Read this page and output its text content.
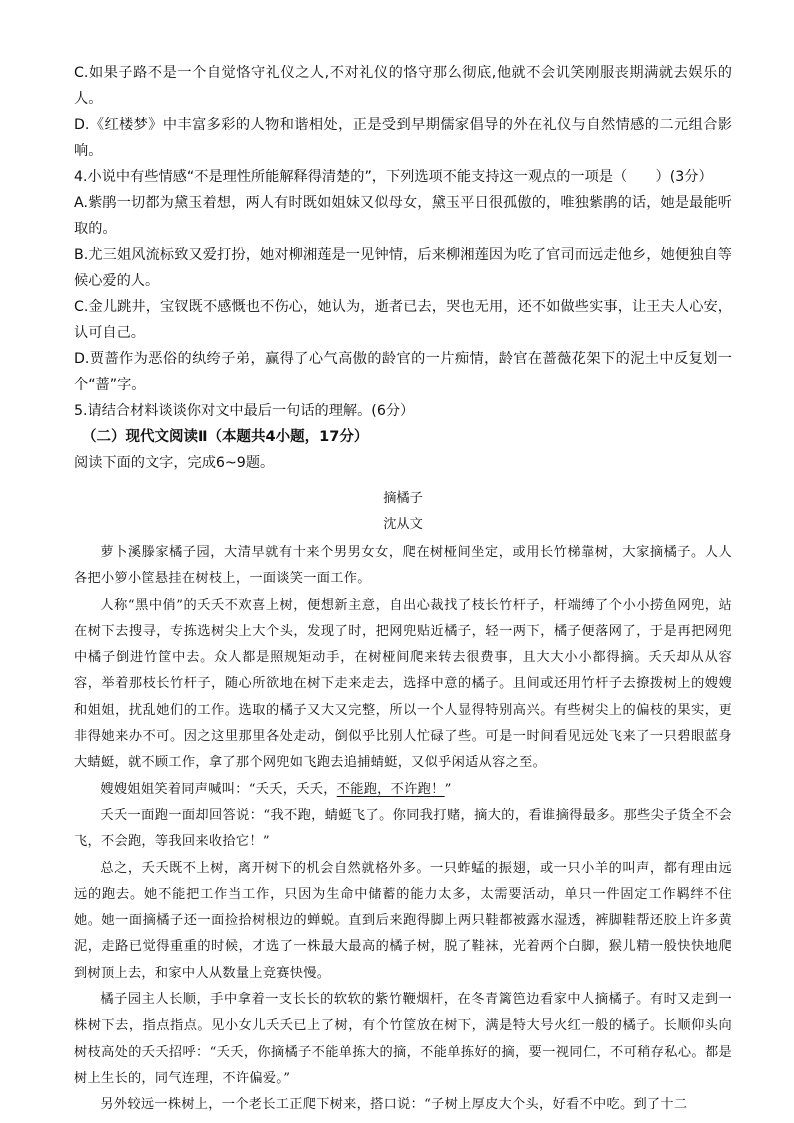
C.如果子路不是一个自觉恪守礼仪之人,不对礼仪的恪守那么彻底,他就不会讥笑刚服丧期满就去娱乐的人。

D.《红楼梦》中丰富多彩的人物和谐相处，正是受到早期儒家倡导的外在礼仪与自然情感的二元组合影响。

4.小说中有些情感“不是理性所能解释得清楚的”，下列选项不能支持这一观点的一项是（　　）(3分）

A.紫鹃一切都为黛玉着想，两人有时既如姐妹又似母女，黛玉平日很孤傲的，唯独紫鹃的话，她是最能听取的。

B.尤三姐风流标致又爱打扮，她对柳湘莲是一见钟情，后来柳湘莲因为吃了官司而远走他乡，她便独自等候心爱的人。

C.金儿跳井，宝钗既不感慨也不伤心，她认为，逝者已去，哭也无用，还不如做些实事，让王夫人心安，认可自己。

D.贾蔷作为恶俗的纨绔子弟，赢得了心气高傲的龄官的一片痴情，龄官在蔷薇花架下的泥土中反复划一个“蔷”字。

5.请结合材料谈谈你对文中最后一句话的理解。(6分）

（二）现代文阅读Ⅱ（本题共4小题，17分）

阅读下面的文字，完成6~9题。

摘橘子

沈从文

萝卜溪滕家橘子园，大清早就有十来个男男女女，爬在树桠间坐定，或用长竹梯靠树，大家摘橘子。人人各把小箩小筐悬挂在树枝上，一面谈笑一面工作。

人称“黑中俏”的夭夭不欢喜上树，便想新主意，自出心裁找了枝长竹杆子，杆端缚了个小小捞鱼网兜，站在树下去搜寻，专拣选树尖上大个头，发现了时，把网兜贴近橘子，轻一两下，橘子便落网了，于是再把网兜中橘子倒进竹筐中去。众人都是照规矩动手，在树桠间爬来转去很费事，且大大小小都得摘。夭夭却从从容容，举着那枝长竹杆子，随心所欲地在树下走来走去，选择中意的橘子。且间或还用竹杆子去撩拨树上的嫂嫂和姐姐，扰乱她们的工作。选取的橘子又大又完整，所以一个人显得特别高兴。有些树尖上的偏枝的果实，更非得她来办不可。因之这里那里各处走动，倒似乎比别人忙碌了些。可是一时间看见远处飞来了一只碧眼蓝身大蜻蜓，就不顾工作，拿了那个网兜如飞跑去追捕蜻蜓，又似乎闲适从容之至。

嫂嫂姐姐笑着同声喊叫：“夭夭，夭夭，不能跑，不许跑！”

夭夭一面跑一面却回答说：“我不跑，蜻蜓飞了。你同我打赌，摘大的，看谁摘得最多。那些尖子货全不会飞，不会跑，等我回来收拾它！”

总之，夭夭既不上树，离开树下的机会自然就格外多。一只蚱蜢的振翅，或一只小羊的叫声，都有理由远远的跑去。她不能把工作当工作，只因为生命中储蓄的能力太多，太需要活动，单只一件固定工作羁绊不住她。她一面摘橘子还一面捡拾树根边的蝉蜕。直到后来跑得脚上两只鞋都被露水湿透，裤脚鞋帮还胶上许多黄泥，走路已觉得重重的时候，才选了一株最大最高的橘子树，脱了鞋袜，光着两个白脚，猴儿精一般快快地爬到树顶上去，和家中人从数量上竞赛快慢。

橘子园主人长顺，手中拿着一支长长的软软的紫竹鞭烟杆，在冬青篱笆边看家中人摘橘子。有时又走到一株树下去，指点指点。见小女儿夭夭已上了树，有个竹筐放在树下，满是特大号火红一般的橘子。长顺仰头向树枝高处的夭夭招呼：“夭夭，你摘橘子不能单拣大的摘，不能单拣好的摘，要一视同仁，不可稍存私心。都是树上生长的，同气连理，不许偏爱。”

另外较远一株树上，一个老长工正爬下树来，搭口说：“子树上厚皮大个头，好看不中吃。到了十二
